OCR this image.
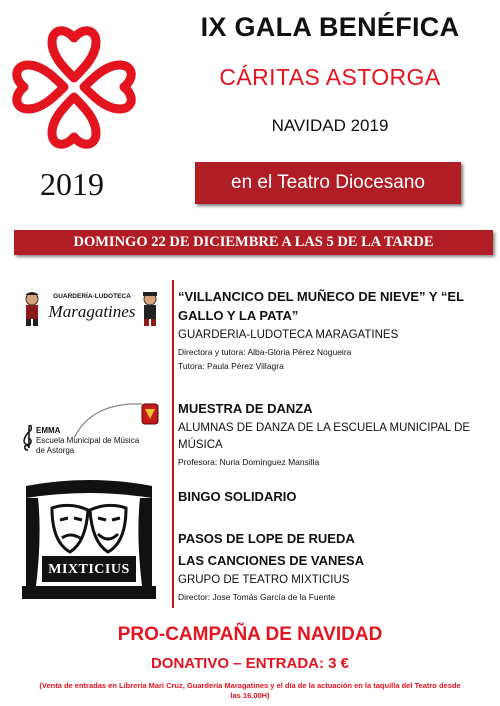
2019
IX GALA BENÉFICA
CÁRITAS ASTORGA
NAVIDAD 2019
en el Teatro Diocesano
DOMINGO 22 DE DICIEMBRE A LAS 5 DE LA TARDE
GUARDERÍA-LUDOTECA
Maragatines
EMMA
Escuela Municipal de Música
de Astorga
MIXTICIUS
“VILLANCICO DEL MUÑECO DE NIEVE” Y “EL
GALLO Y LA PATA”
GUARDERIA-LUDOTECA MARAGATINES
Directora y tutora: Alba-Gloria Pérez Nogueira
Tutora: Paula Pérez Villagra
MUESTRA DE DANZA
ALUMNAS DE DANZA DE LA ESCUELA MUNICIPAL DE
MÚSICA
Profesora: Nuria Domínguez Mansilla
BINGO SOLIDARIO
PASOS DE LOPE DE RUEDA
LAS CANCIONES DE VANESA
GRUPO DE TEATRO MIXTICIUS
Director: Jose Tomás García de la Fuente
PRO-CAMPAÑA DE NAVIDAD
DONATIVO – ENTRADA: 3 €
(Venta de entradas en Librería Mari Cruz, Guardería Maragatines y el día de la actuación en la taquilla del Teatro desde las 16.00H)
